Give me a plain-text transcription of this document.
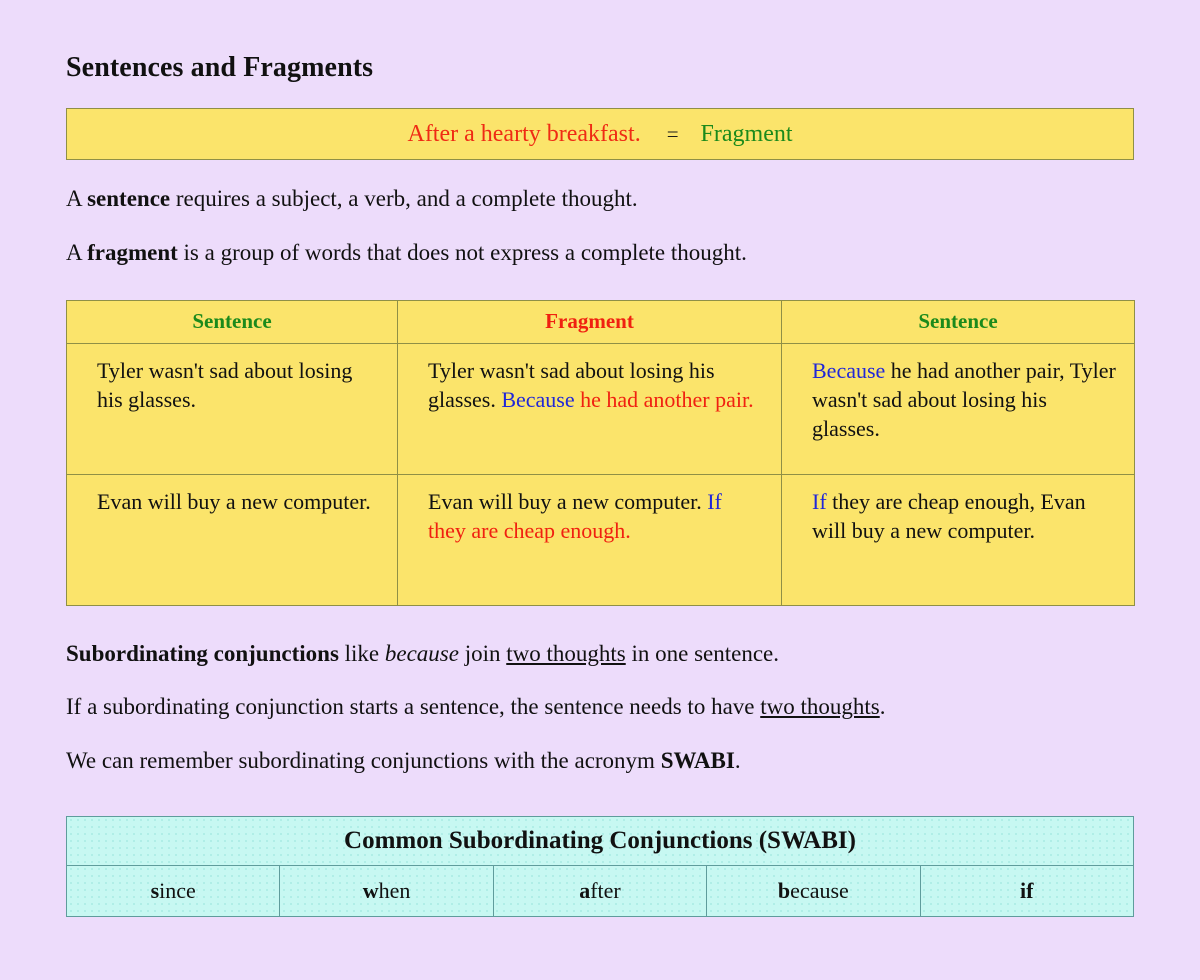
Sentences and Fragments
After a hearty breakfast. = Fragment

A sentence requires a subject, a verb, and a complete thought.

A fragment is a group of words that does not express a complete thought.

Sentence	Fragment	Sentence
Tyler wasn't sad about losing his glasses.	Tyler wasn't sad about losing his glasses. Because he had another pair.	Because he had another pair, Tyler wasn't sad about losing his glasses.
Evan will buy a new computer.	Evan will buy a new computer. If they are cheap enough.	If they are cheap enough, Evan will buy a new computer.

Subordinating conjunctions like because join two thoughts in one sentence.

If a subordinating conjunction starts a sentence, the sentence needs to have two thoughts.

We can remember subordinating conjunctions with the acronym SWABI.

Common Subordinating Conjunctions (SWABI)
since	when	after	because	if
